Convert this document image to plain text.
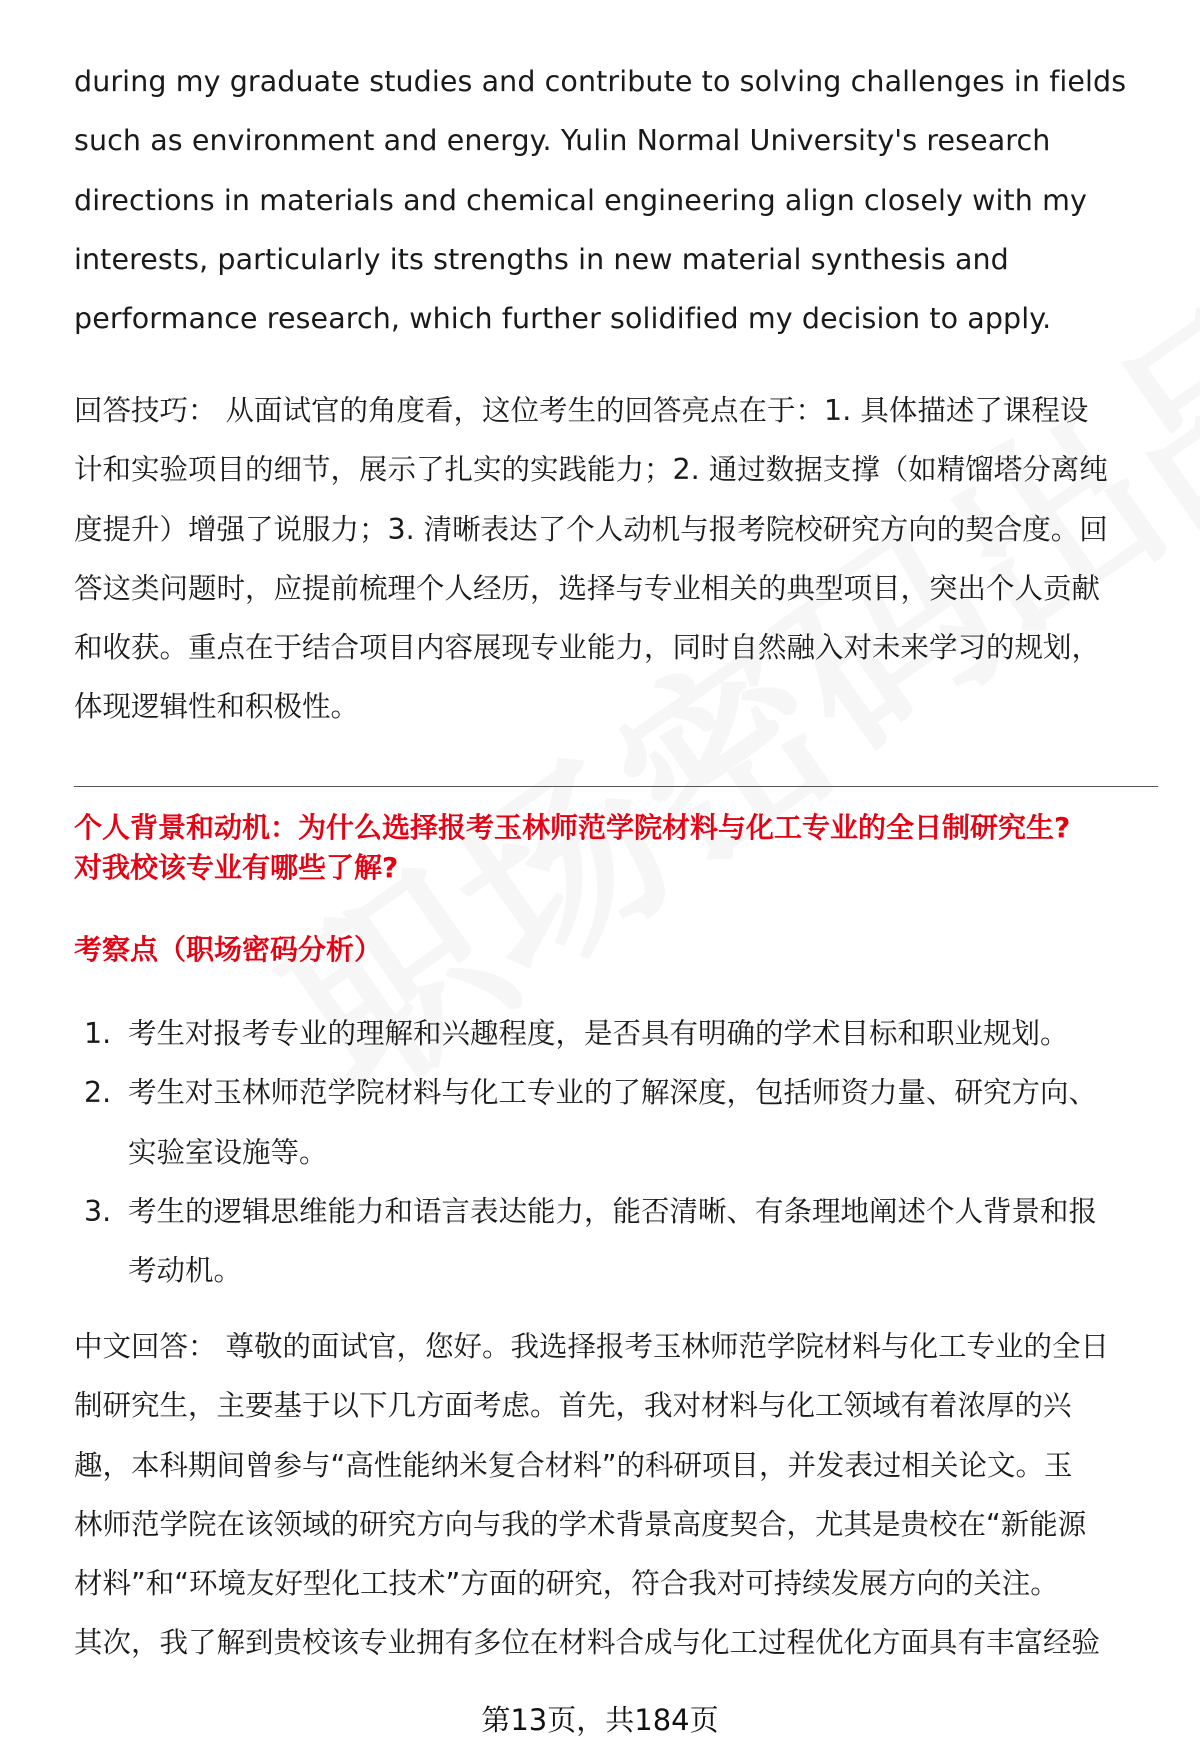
during my graduate studies and contribute to solving challenges in fields
such as environment and energy. Yulin Normal University's research
directions in materials and chemical engineering align closely with my
interests, particularly its strengths in new material synthesis and
performance research, which further solidified my decision to apply.
回答技巧： 从面试官的角度看，这位考生的回答亮点在于：1. 具体描述了课程设
计和实验项目的细节，展示了扎实的实践能力；2. 通过数据支撑（如精馏塔分离纯
度提升）增强了说服力；3. 清晰表达了个人动机与报考院校研究方向的契合度。回
答这类问题时，应提前梳理个人经历，选择与专业相关的典型项目，突出个人贡献
和收获。重点在于结合项目内容展现专业能力，同时自然融入对未来学习的规划，
体现逻辑性和积极性。
个人背景和动机：为什么选择报考玉林师范学院材料与化工专业的全日制研究生?
对我校该专业有哪些了解?
考察点（职场密码分析）
1. 考生对报考专业的理解和兴趣程度，是否具有明确的学术目标和职业规划。
2. 考生对玉林师范学院材料与化工专业的了解深度，包括师资力量、研究方向、
实验室设施等。
3. 考生的逻辑思维能力和语言表达能力，能否清晰、有条理地阐述个人背景和报
考动机。
中文回答： 尊敬的面试官，您好。我选择报考玉林师范学院材料与化工专业的全日
制研究生，主要基于以下几方面考虑。首先，我对材料与化工领域有着浓厚的兴
趣，本科期间曾参与“高性能纳米复合材料”的科研项目，并发表过相关论文。玉
林师范学院在该领域的研究方向与我的学术背景高度契合，尤其是贵校在“新能源
材料”和“环境友好型化工技术”方面的研究，符合我对可持续发展方向的关注。
其次，我了解到贵校该专业拥有多位在材料合成与化工过程优化方面具有丰富经验
第13页，共184页
